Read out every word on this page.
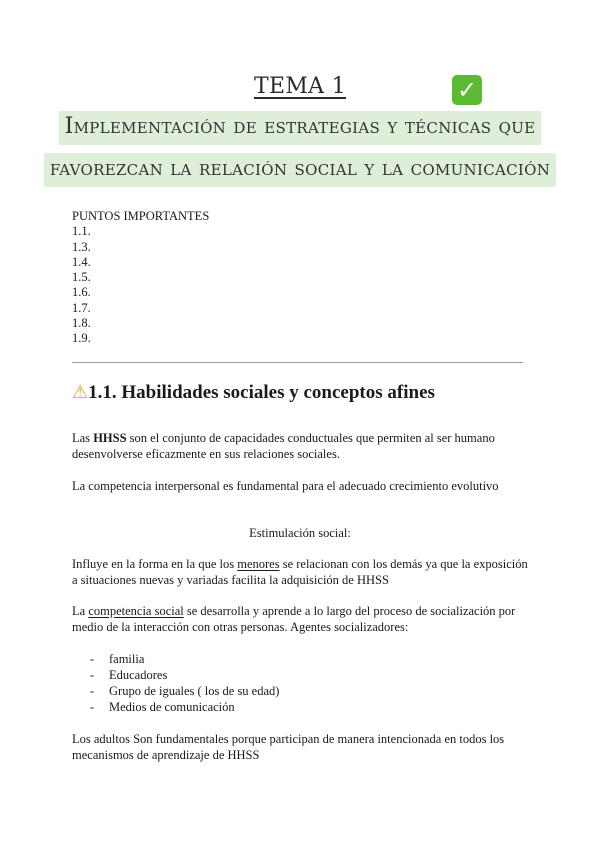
TEMA 1	✓
Implementación de estrategias y técnicas que
favorezcan la relación social y la comunicación
PUNTOS IMPORTANTES
1.1.
1.3.
1.4.
1.5.
1.6.
1.7.
1.8.
1.9.
⚠1.1. Habilidades sociales y conceptos afines
Las HHSS son el conjunto de capacidades conductuales que permiten al ser humano desenvolverse eficazmente en sus relaciones sociales.
La competencia interpersonal es fundamental para el adecuado crecimiento evolutivo
Estimulación social:
Influye en la forma en la que los menores se relacionan con los demás ya que la exposición a situaciones nuevas y variadas facilita la adquisición de HHSS
La competencia social se desarrolla y aprende a lo largo del proceso de socialización por medio de la interacción con otras personas. Agentes socializadores:
-	familia
-	Educadores
-	Grupo de iguales ( los de su edad)
-	Medios de comunicación
Los adultos Son fundamentales porque participan de manera intencionada en todos los mecanismos de aprendizaje de HHSS
